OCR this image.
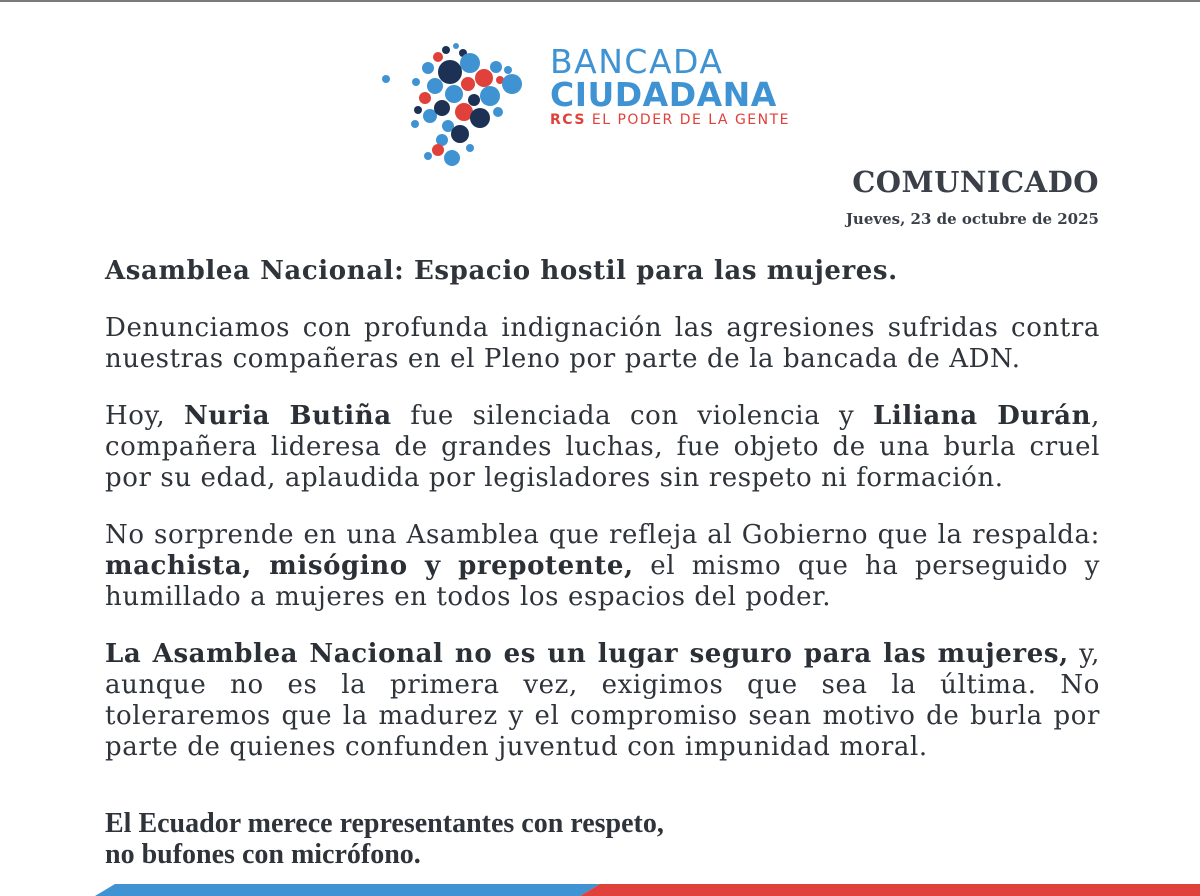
BANCADA
CIUDADANA
RCS EL PODER DE LA GENTE
COMUNICADO
Jueves, 23 de octubre de 2025
Asamblea Nacional: Espacio hostil para las mujeres.
Denunciamos con profunda indignación las agresiones sufridas contra nuestras compañeras en el Pleno por parte de la bancada de ADN.
Hoy, Nuria Butiña fue silenciada con violencia y Liliana Durán, compañera lideresa de grandes luchas, fue objeto de una burla cruel por su edad, aplaudida por legisladores sin respeto ni formación.
No sorprende en una Asamblea que refleja al Gobierno que la respalda: machista, misógino y prepotente, el mismo que ha perseguido y humillado a mujeres en todos los espacios del poder.
La Asamblea Nacional no es un lugar seguro para las mujeres, y, aunque no es la primera vez, exigimos que sea la última. No toleraremos que la madurez y el compromiso sean motivo de burla por parte de quienes confunden juventud con impunidad moral.
El Ecuador merece representantes con respeto,
no bufones con micrófono.
